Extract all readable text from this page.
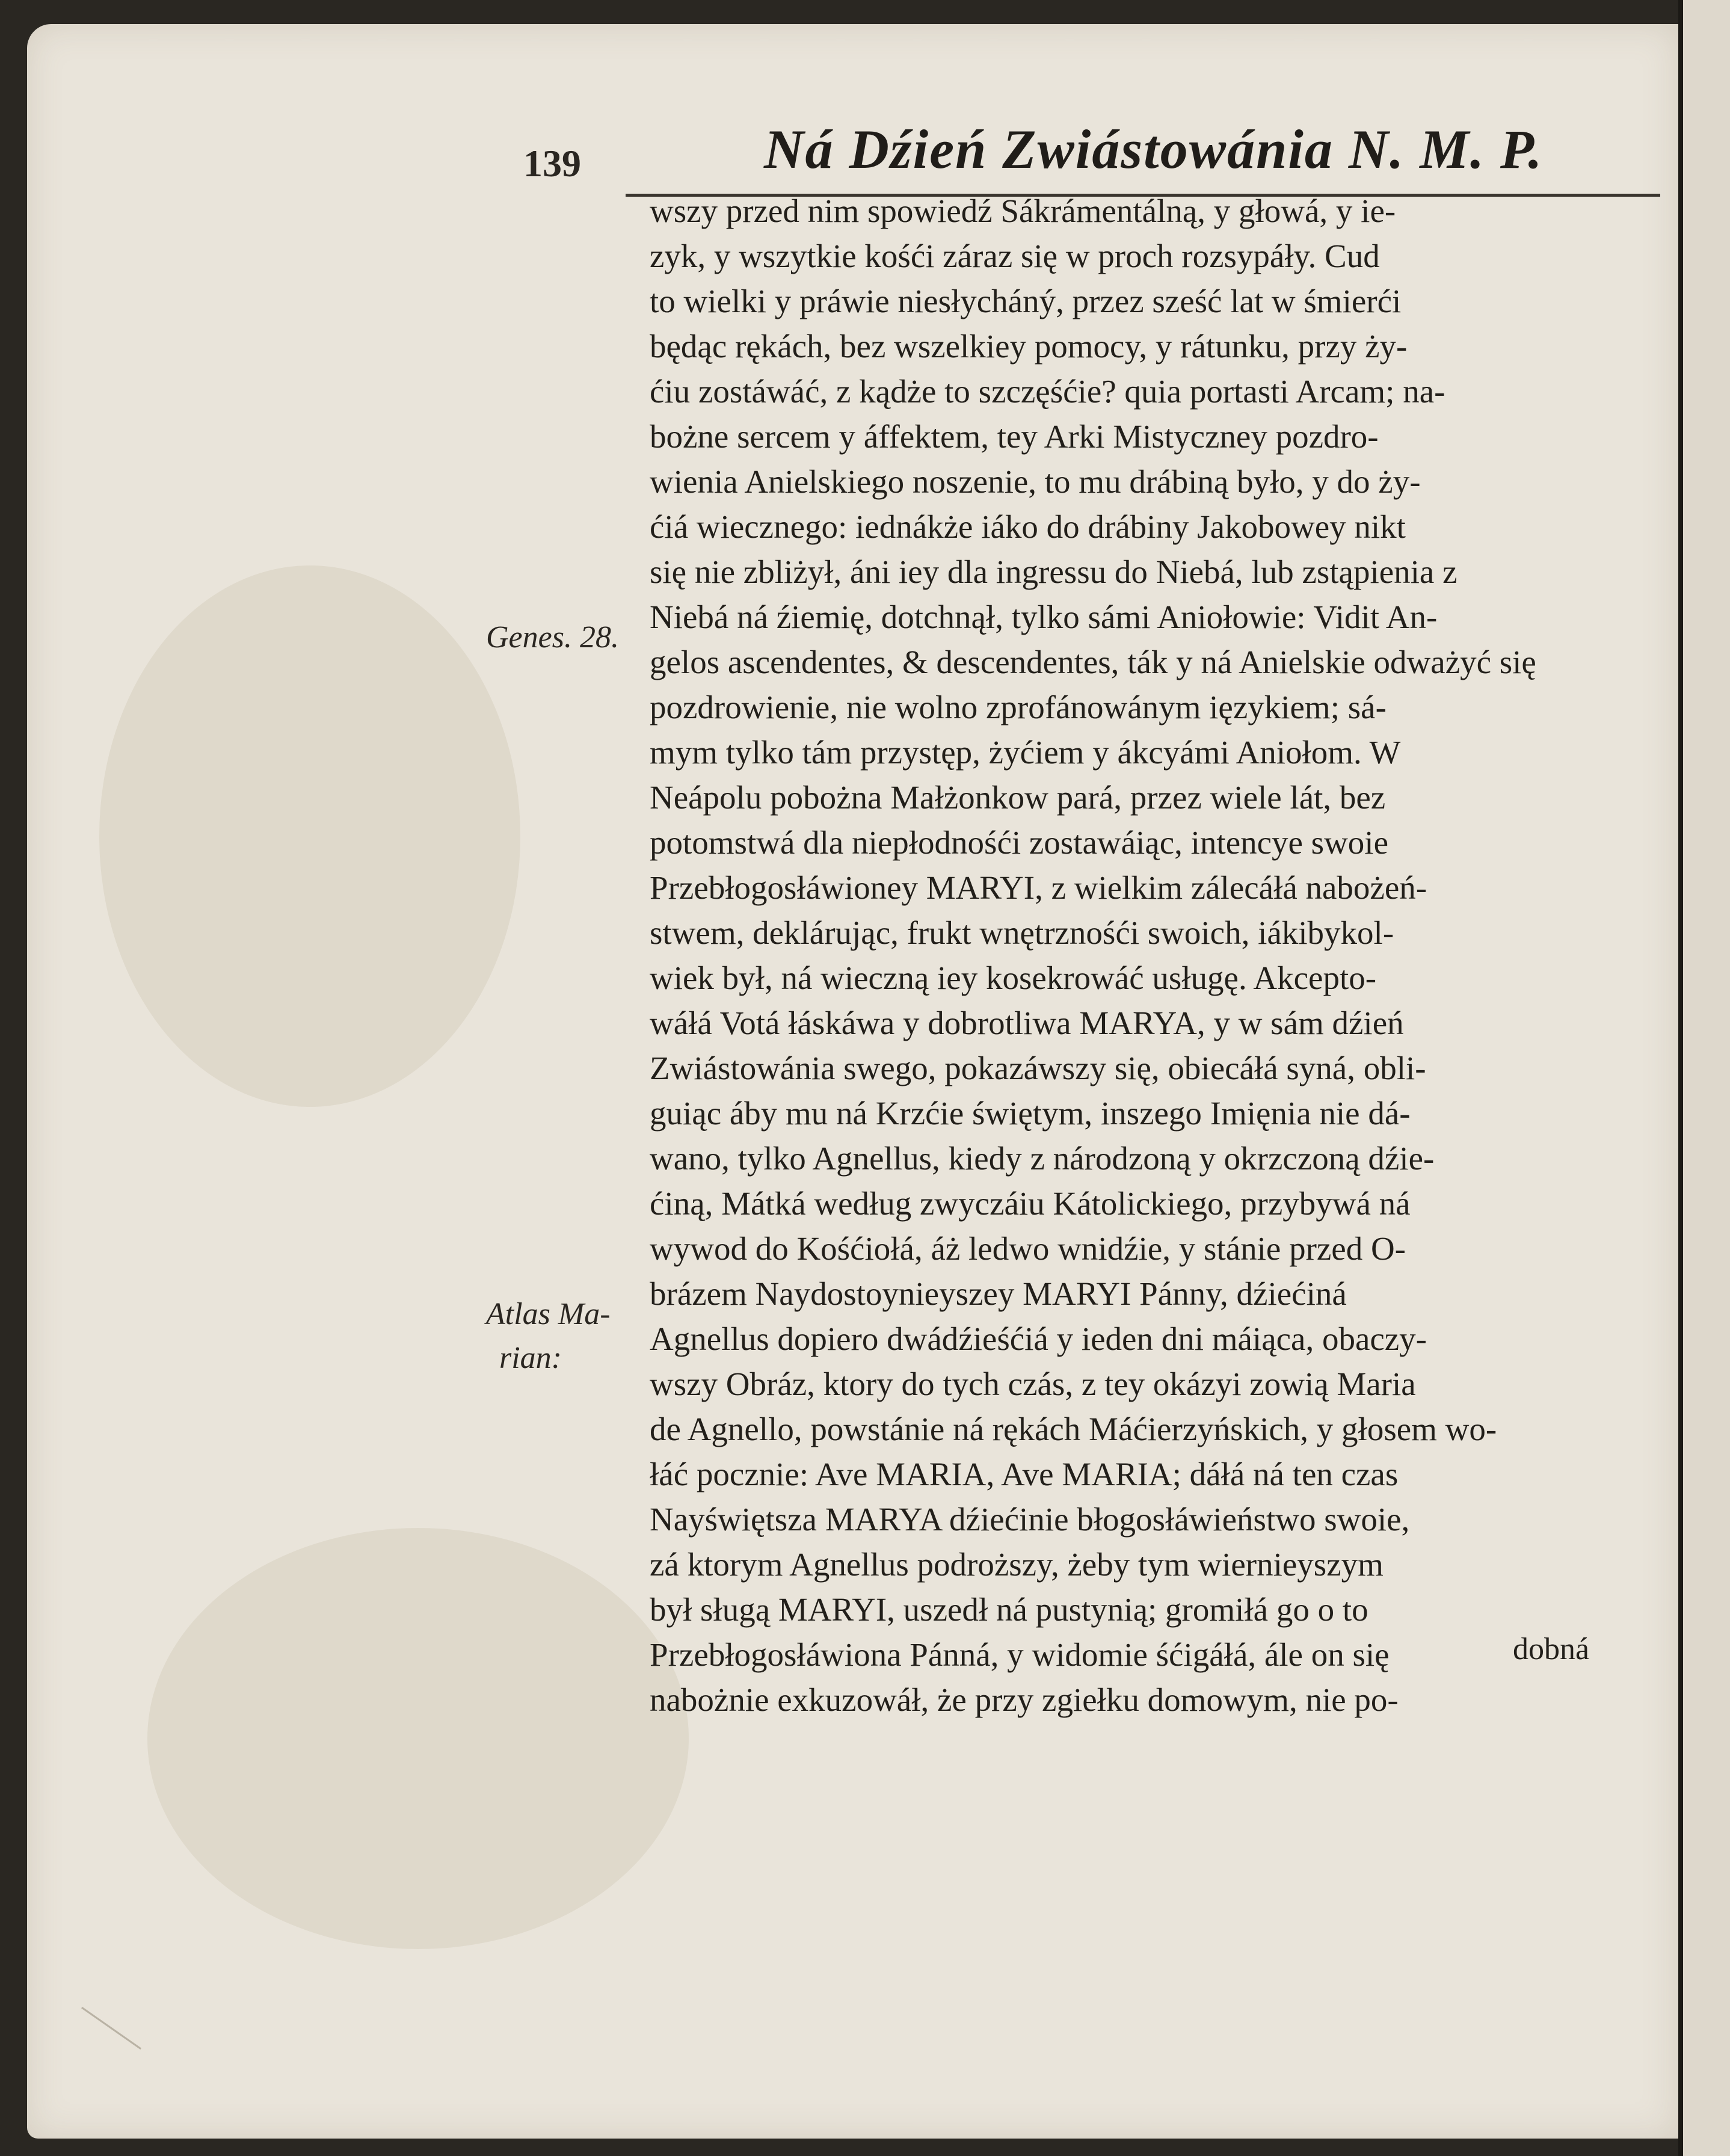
139	Ná Dźień Zwiástowánia N. M. P.
Genes. 28.
Atlas Ma-
rian:
wszy przed nim spowiedź Sákrámentálną, y głowá, y ie-
zyk, y wszytkie kośći záraz się w proch rozsypáły. Cud
to wielki y práwie niesłycháný, przez sześć lat w śmierći
będąc rękách, bez wszelkiey pomocy, y rátunku, przy ży-
ćiu zostáwáć, z kądże to szczęśćie? quia portasti Arcam; na-
bożne sercem y áffektem, tey Arki Mistyczney pozdro-
wienia Anielskiego noszenie, to mu drábiną było, y do ży-
ćiá wiecznego: iednákże iáko do drábiny Jakobowey nikt
się nie zbliżył, áni iey dla ingressu do Niebá, lub zstąpienia z
Niebá ná źiemię, dotchnął, tylko sámi Aniołowie: Vidit An-
gelos ascendentes, & descendentes, ták y ná Anielskie odważyć się
pozdrowienie, nie wolno zprofánowánym ięzykiem; sá-
mym tylko tám przystęp, żyćiem y ákcyámi Aniołom. W
Neápolu pobożna Małżonkow pará, przez wiele lát, bez
potomstwá dla niepłodnośći zostawáiąc, intencye swoie
Przebłogosłáwioney MARYI, z wielkim zálecáłá nabożeń-
stwem, deklárując, frukt wnętrznośći swoich, iákibykol-
wiek był, ná wieczną iey kosekrowáć usługę. Akcepto-
wáłá Votá łáskáwa y dobrotliwa MARYA, y w sám dźień
Zwiástowánia swego, pokazáwszy się, obiecáłá syná, obli-
guiąc áby mu ná Krzćie świętym, inszego Imięnia nie dá-
wano, tylko Agnellus, kiedy z národzoną y okrzczoną dźie-
ćiną, Mátká według zwyczáiu Kátolickiego, przybywá ná
wywod do Kośćiołá, áż ledwo wnidźie, y stánie przed O-
brázem Naydostoynieyszey MARYI Pánny, dźiećiná
Agnellus dopiero dwádźieśćiá y ieden dni máiąca, obaczy-
wszy Obráz, ktory do tych czás, z tey okázyi zowią Maria
de Agnello, powstánie ná rękách Máćierzyńskich, y głosem wo-
łáć pocznie: Ave MARIA, Ave MARIA; dáłá ná ten czas
Nayświętsza MARYA dźiećinie błogosłáwieństwo swoie,
zá ktorym Agnellus podroższy, żeby tym wiernieyszym
był sługą MARYI, uszedł ná pustynią; gromiłá go o to
Przebłogosłáwiona Pánná, y widomie śćigáłá, ále on się
nabożnie exkuzowáł, że przy zgiełku domowym, nie po-
dobná
